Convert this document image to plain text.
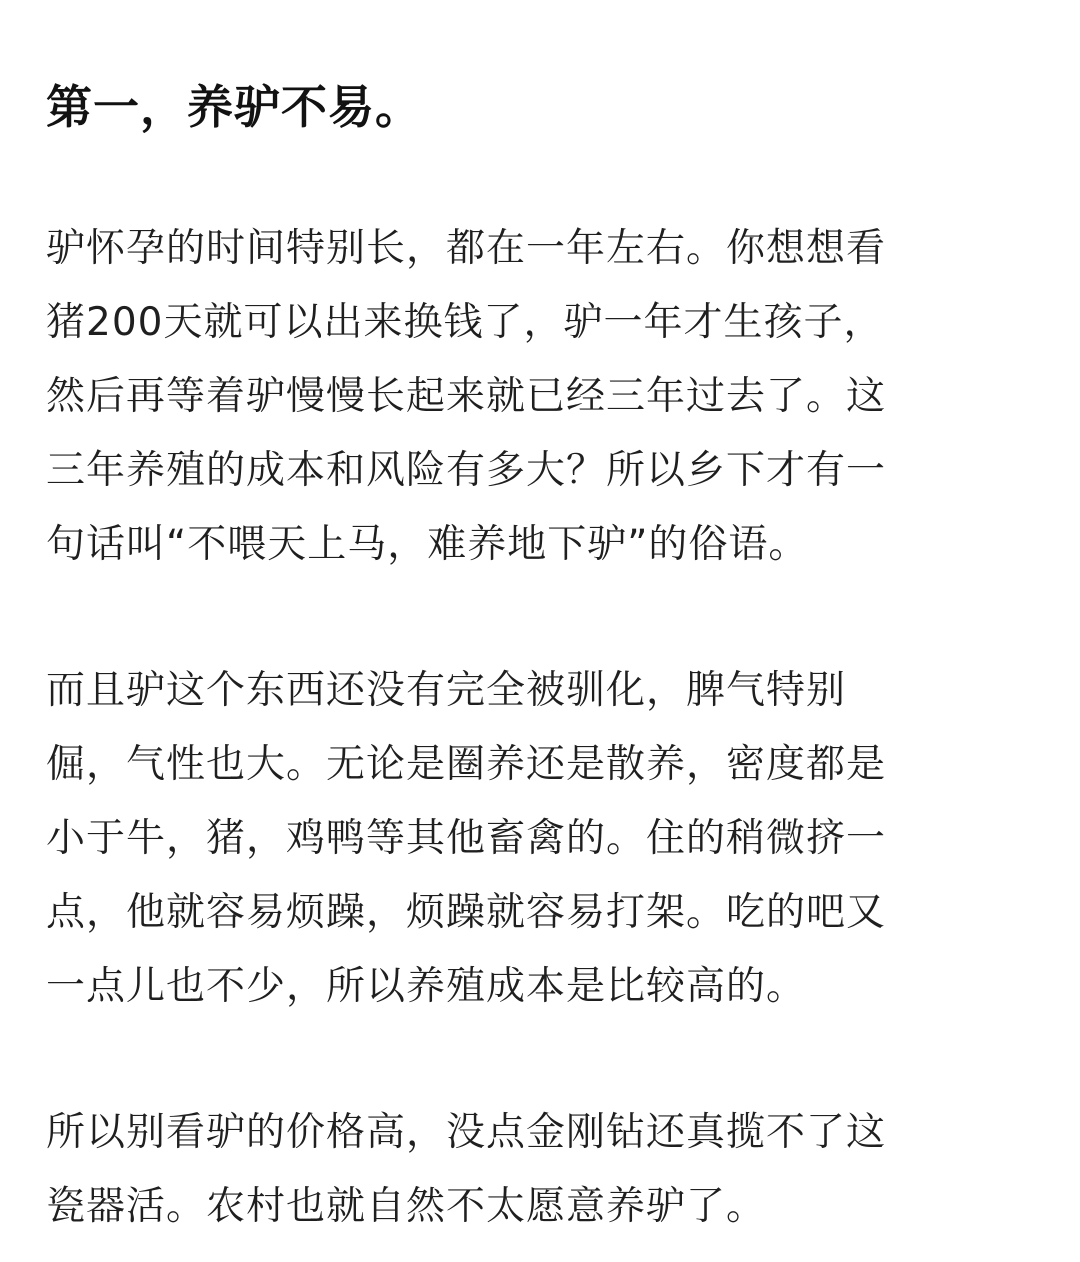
第一，养驴不易。

驴怀孕的时间特别长，都在一年左右。你想想看
猪200天就可以出来换钱了，驴一年才生孩子，
然后再等着驴慢慢长起来就已经三年过去了。这
三年养殖的成本和风险有多大？所以乡下才有一
句话叫“不喂天上马，难养地下驴”的俗语。

而且驴这个东西还没有完全被驯化，脾气特别
倔，气性也大。无论是圈养还是散养，密度都是
小于牛，猪，鸡鸭等其他畜禽的。住的稍微挤一
点，他就容易烦躁，烦躁就容易打架。吃的吧又
一点儿也不少，所以养殖成本是比较高的。

所以别看驴的价格高，没点金刚钻还真揽不了这
瓷器活。农村也就自然不太愿意养驴了。
